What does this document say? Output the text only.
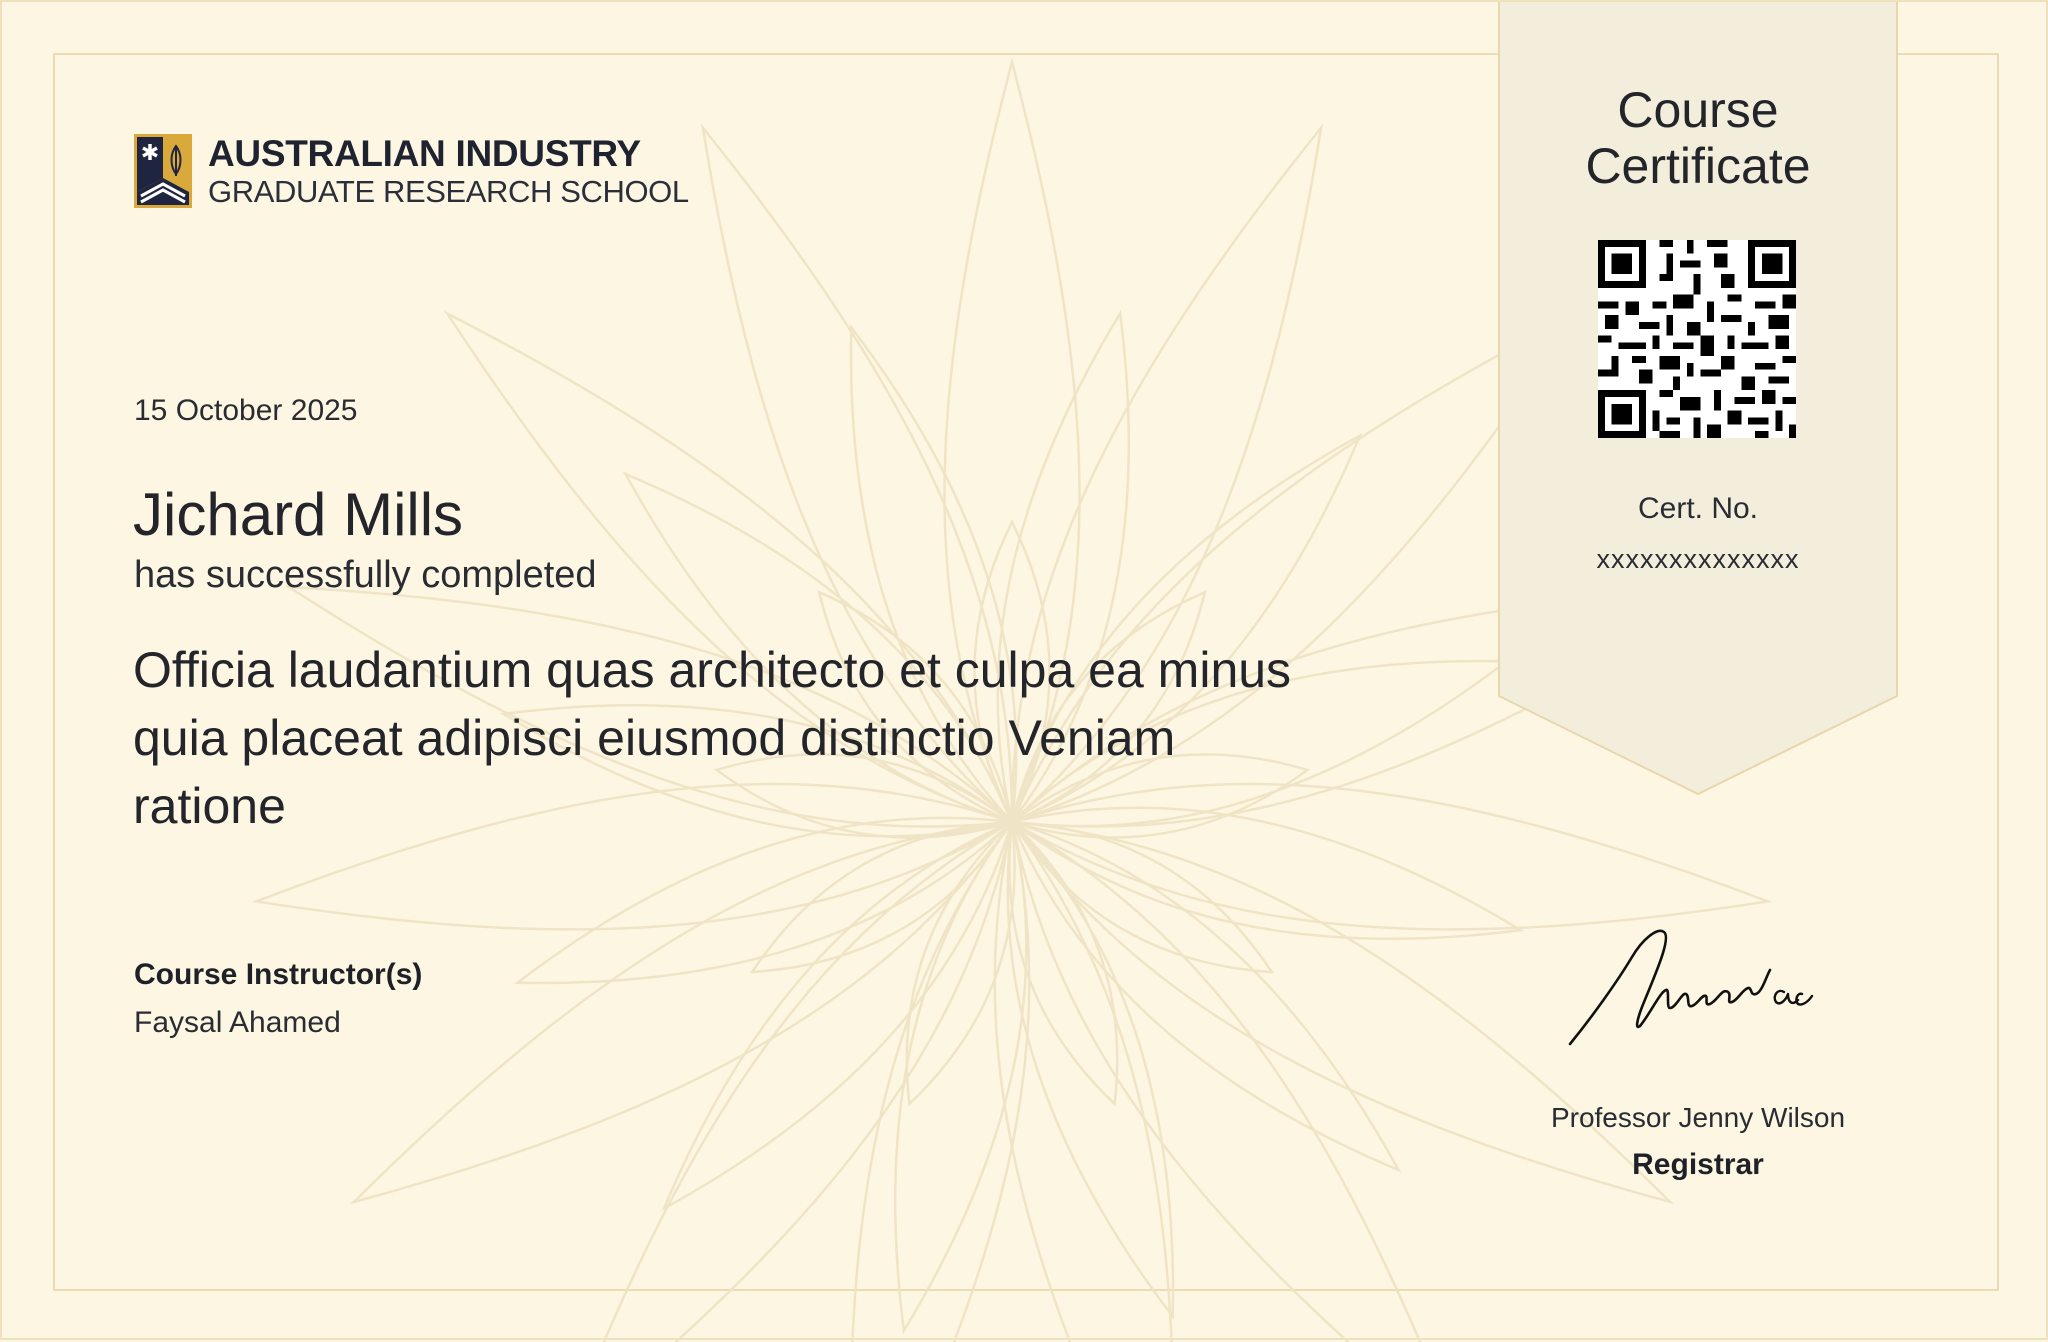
✱ AUSTRALIAN INDUSTRY
GRADUATE RESEARCH SCHOOL
15 October 2025
Jichard Mills
has successfully completed
Officia laudantium quas architecto et culpa ea minus quia placeat adipisci eiusmod distinctio Veniam ratione
Course Instructor(s)
Faysal Ahamed
Course
Certificate
Cert. No.
xxxxxxxxxxxxxx
Professor Jenny Wilson
Registrar
